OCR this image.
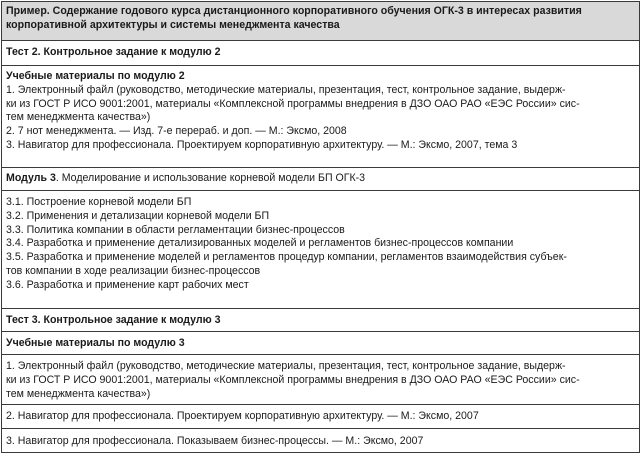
Пример. Содержание годового курса дистанционного корпоративного обучения ОГК-3 в интересах развития
корпоративной архитектуры и системы менеджмента качества
Тест 2. Контрольное задание к модулю 2
Учебные материалы по модулю 2
1. Электронный файл (руководство, методические материалы, презентация, тест, контрольное задание, выдерж-
ки из ГОСТ Р ИСО 9001:2001, материалы «Комплексной программы внедрения в ДЗО ОАО РАО «ЕЭС России» сис-
тем менеджмента качества»)
2. 7 нот менеджмента. — Изд. 7-е перераб. и доп. — М.: Эксмо, 2008
3. Навигатор для профессионала. Проектируем корпоративную архитектуру. — М.: Эксмо, 2007, тема 3
Модуль 3. Моделирование и использование корневой модели БП ОГК-3
3.1. Построение корневой модели БП
3.2. Применения и детализации корневой модели БП
3.3. Политика компании в области регламентации бизнес-процессов
3.4. Разработка и применение детализированных моделей и регламентов бизнес-процессов компании
3.5. Разработка и применение моделей и регламентов процедур компании, регламентов взаимодействия субъек-
тов компании в ходе реализации бизнес-процессов
3.6. Разработка и применение карт рабочих мест
Тест 3. Контрольное задание к модулю 3
Учебные материалы по модулю 3
1. Электронный файл (руководство, методические материалы, презентация, тест, контрольное задание, выдерж-
ки из ГОСТ Р ИСО 9001:2001, материалы «Комплексной программы внедрения в ДЗО ОАО РАО «ЕЭС России» сис-
тем менеджмента качества»)
2. Навигатор для профессионала. Проектируем корпоративную архитектуру. — М.: Эксмо, 2007
3. Навигатор для профессионала. Показываем бизнес-процессы. — М.: Эксмо, 2007
